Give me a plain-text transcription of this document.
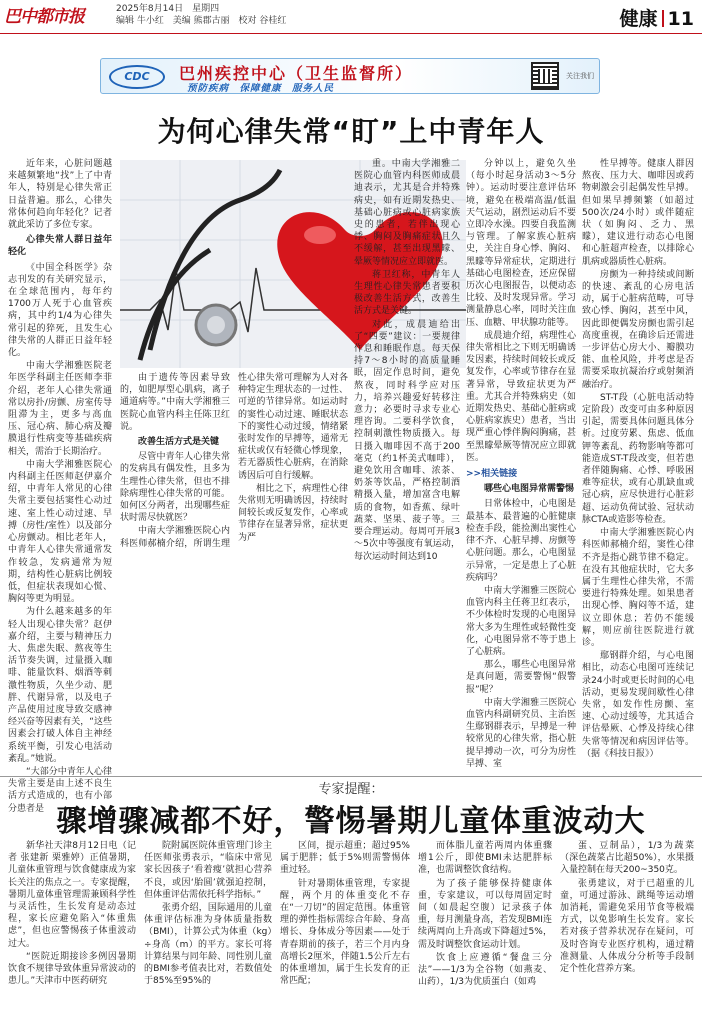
巴中都市报	2025年8月14日　星期四
编辑 牛小红 美编 熊郡古丽 校对 谷桂红	健康 11
CDC	巴州疾控中心（卫生监督所）
预防疾病　保障健康　服务人民
关注我们
为何心律失常“盯”上中青年人

近年来，心脏问题越来越频繁地“找”上了中青年人，特别是心律失常正日益普遍。那么，心律失常体何趋向年轻化？记者就此采访了多位专家。

心律失常人群日益年轻化

《中国全科医学》杂志刊发的有关研究显示，在全球范围内，每年约1700万人死于心血管疾病，其中约1/4为心律失常引起的猝死，且发生心律失常的人群正日益年轻化。

中南大学湘雅医院老年医学科副主任医师李菲介绍，老年人心律失常通常以房扑/房颤、房室传导阻滞为主，更多与高血压、冠心病、肺心病及瓣膜退行性病变等基础疾病相关，需治于长期治疗。

中南大学湘雅医院心内科副主任医师赵伊嘉介绍，中青年人常见的心律失常主要包括窦性心动过速、室上性心动过速、早搏（房性/室性）以及部分心房颤动。相比老年人，中青年人心律失常通常发作较急，发病通常为短期，结构性心脏病比例较低，但症状表现如心慌、胸闷等更为明显。

为什么越来越多的年轻人出现心律失常？赵伊嘉介绍，主要与精神压力大、焦虑失眠、熬夜等生活节奏失调，过量摄入咖啡、能量饮料、烟酒等刺激性物质，久坐少动、肥胖、代谢异常，以及电子产品使用过度导致交感神经兴奋等因素有关，“这些因素会打破人体自主神经系统平衡，引发心电活动紊乱。”她说。

“大部分中青年人心律失常主要是由上述不良生活方式造成的，也有小部分患者是

由于遗传等因素导致的，如肥厚型心肌病，离子通道病等。”中南大学湘雅三医院心血管内科主任陈卫红说。

改善生活方式是关键

尽管中青年人心律失常的发病具有偶发性，且多为生理性心律失常，但也不排除病理性心律失常的可能。如何区分两者，出现哪些症状时需尽快就医？

中南大学湘雅医院心内科医师郝楠介绍，所谓生理性心律失常可理解为人对各种特定生理状态的一过性、可逆的节律异常。如运动时的窦性心动过速、睡眠状态下的窦性心动过缓，情绪紧张时发作的早搏等，通常无症状或仅有轻微心悸现象，若无器质性心脏病，在消除诱因后可自行缓解。

相比之下，病理性心律失常则无明确诱因，持续时间较长或反复发作，心率或节律存在显著异常，症状更为严

重。中南大学湘雅二医院心血管内科医师成晨迪表示，尤其是合并特殊病史，如有近期发热史、基础心脏病或心脏病家族史的患者，若伴出现心悸、胸闷及胸痛症状且久不缓解，甚至出现黑曚、晕厥等情况应立即就医。

蒋卫红称，中青年人生理性心律失常患者要积极改善生活方式，改善生活方式是关键。

对此，成晨迪给出了“四要”建议：一要规律作息和睡眠作息。每天保持7～8小时的高质量睡眠，固定作息时间，避免熬夜，同时科学应对压力，培养兴趣爱好转移注意力；必要时寻求专业心理咨询。二要科学饮食，控制刺激性物质摄入。每日摄入咖啡因不高于200毫克（约1杯美式咖啡），避免饮用含咖啡、浓茶、奶茶等饮品，严格控制酒精摄入量，增加富含电解质的食物，如香蕉、绿叶蔬菜、坚果、菠子等。三要合理运动。每周可开展3～5次中等强度有氧运动，每次运动时间达到10

分钟以上，避免久坐（每小时起身活动3～5分钟）。运动时要注意评估环境，避免在极端高温/低温天气运动，剧烈运动后不要立即冷水澡。四要自我监测与管理。了解家族心脏病史，关注自身心悸、胸闷、黑矇等异常症状，定期进行基础心电图检查，还应保留历次心电图报告，以便动态比较、及时发现异常。学习测量静息心率，同时关注血压、血糖、甲状腺功能等。

成晨迪介绍，病理性心律失常相比之下则无明确诱发因素，持续时间较长或反复发作，心率或节律存在显著异常，导致症状更为严重。尤其合并特殊病史（如近期发热史、基础心脏病或心脏病家族史）患者，当出现严重心悸伴胸闷胸痛，甚至黑矇晕厥等情况应立即就医。

>>相关链接

哪些心电图异常需警惕

日常体检中，心电图是最基本、最普遍的心脏健康检查手段，能捡测出窦性心律不齐、心脏早搏、房颤等心脏问题。那么，心电图显示异常，一定是患上了心脏疾病吗？

中南大学湘雅三医院心血管内科主任蒋卫红表示，不少体检时发现的心电图异常大多为生理性或轻微性变化，心电图异常不等于患上了心脏病。

那么，哪些心电图异常是真问题，需要警惕“假警报”呢？

中南大学湘雅三医院心血管内科副研究员、主治医生鄢钢群表示，早搏是一种较常见的心律失常，指心脏提早搏动一次，可分为房性早搏、室

性早搏等。健康人群因熬夜、压力大、咖啡因或药物刺激会引起偶发性早搏。但如果早搏频繁（如超过500次/24小时）或伴随症状（如胸闷、乏力、黑矇），建议进行动态心电图和心脏超声检查，以排除心肌病或器质性心脏病。

房颤为一种持续或间断的快速、紊乱的心房电活动，属于心脏病范畴，可导致心悸、胸闷，甚至中风，因此即便偶发房颤也需引起高度重视，在确诊后还需进一步评估心房大小、瓣膜功能、血栓风险，并考虑是否需要采取抗凝治疗或射频消融治疗。

ST-T段（心脏电活动特定阶段）改变可由多种原因引起，需要具体问题具体分析。过度劳累、焦虑、低血钾等紊乱、药物影响等都可能造成ST-T段改变，但若患者伴随胸痛、心悸、呼吸困难等症状，或有心肌缺血或冠心病，应尽快进行心脏彩超、运动负荷试验、冠状动脉CTA或造影等检查。

中南大学湘雅医院心内科医师郝楠介绍，窦性心律不齐是指心跳节律不稳定。在没有其他症状时，它大多属于生理性心律失常，不需要进行特殊处理。如果患者出现心悸、胸闷等不适，建议立即休息；若仍不能缓解，则应前往医院进行就诊。

鄢钢群介绍，与心电图相比，动态心电图可连续记录24小时或更长时间的心电活动，更易发现间歇性心律失常，如发作性房颤、室速、心动过缓等，尤其适合评估晕厥、心悸及持续心律失常等情况和病因评估等。（据《科技日报》）

专家提醒：
骤增骤减都不好，警惕暑期儿童体重波动大

新华社天津8月12日电（记者 张建新 栗雅婷）正值暑期，儿童体重管理与饮食健康成为家长关注的焦点之一。专家提醒，暑期儿童体重管理需兼顾科学性与灵活性，生长发育是动态过程，家长应避免陷入“体重焦虑”，但也应警惕孩子体重波动过大。

“医院近期接诊多例因暑期饮食不规律导致体重异常波动的患儿。”天津市中医药研究

院附属医院体重管理门诊主任医师张勇表示，“临床中常见家长因孩子‘看着瘦’就担心营养不良，或因‘胎圆’就强迫控制，但体重评估需依托科学指标。”

张勇介绍，国际通用的儿童体重评估标准为身体质量指数（BMI），计算公式为体重（kg）÷身高（m）的平方。家长可将计算结果与同年龄、同性别儿童的BMI参考值表比对，若数值处于85%至95%的

区间，提示超重；超过95%属于肥胖；低于5%则需警惕体重过轻。

针对暑期体重管理，专家提醒，两个月的体重变化不存在“一刀切”的固定范围。体重管理的弹性指标需综合年龄、身高增长、身体成分等因素——处于青春期前的孩子，若三个月内身高增长2厘米，伴随1.5公斤左右的体重增加，属于生长发育的正常匹配；

而体脂儿童若两周内体重骤增1公斤，即使BMI未达肥胖标准，也需调整饮食结构。

为了孩子能够保持健康体重，专家建议，可以每周固定时间（如晨起空腹）记录孩子体重，每月测量身高，若发现BMI连续两周向上升高或下降超过5%，需及时调整饮食运动计划。

饮食上应遵循“餐盘三分法”——1/3为全谷物（如燕麦、山药），1/3为优质蛋白（如鸡

蛋、豆制品），1/3为蔬菜（深色蔬菜占比超50%），水果摄入量控制在每天200~350克。

张勇建议，对于已超重的儿童，可通过游泳、跳绳等运动增加消耗，需避免采用节食等极端方式，以免影响生长发育。家长若对孩子营养状况存在疑问，可及时咨询专业医疗机构，通过精准测量、人体成分分析等手段制定个性化营养方案。
